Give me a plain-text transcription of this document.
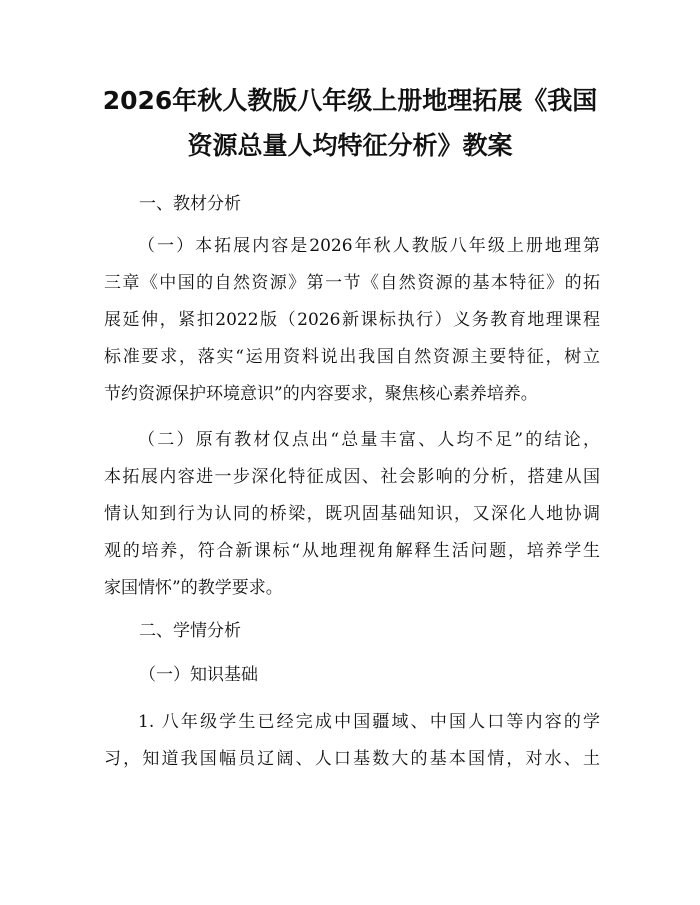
2026年秋人教版八年级上册地理拓展《我国
资源总量人均特征分析》教案

一、教材分析

（一）本拓展内容是2026年秋人教版八年级上册地理第
三章《中国的自然资源》第一节《自然资源的基本特征》的拓
展延伸，紧扣2022版（2026新课标执行）义务教育地理课程
标准要求，落实“运用资料说出我国自然资源主要特征，树立
节约资源保护环境意识”的内容要求，聚焦核心素养培养。

（二）原有教材仅点出“总量丰富、人均不足”的结论，
本拓展内容进一步深化特征成因、社会影响的分析，搭建从国
情认知到行为认同的桥梁，既巩固基础知识，又深化人地协调
观的培养，符合新课标“从地理视角解释生活问题，培养学生
家国情怀”的教学要求。

二、学情分析

（一）知识基础

1. 八年级学生已经完成中国疆域、中国人口等内容的学
习，知道我国幅员辽阔、人口基数大的基本国情，对水、土
